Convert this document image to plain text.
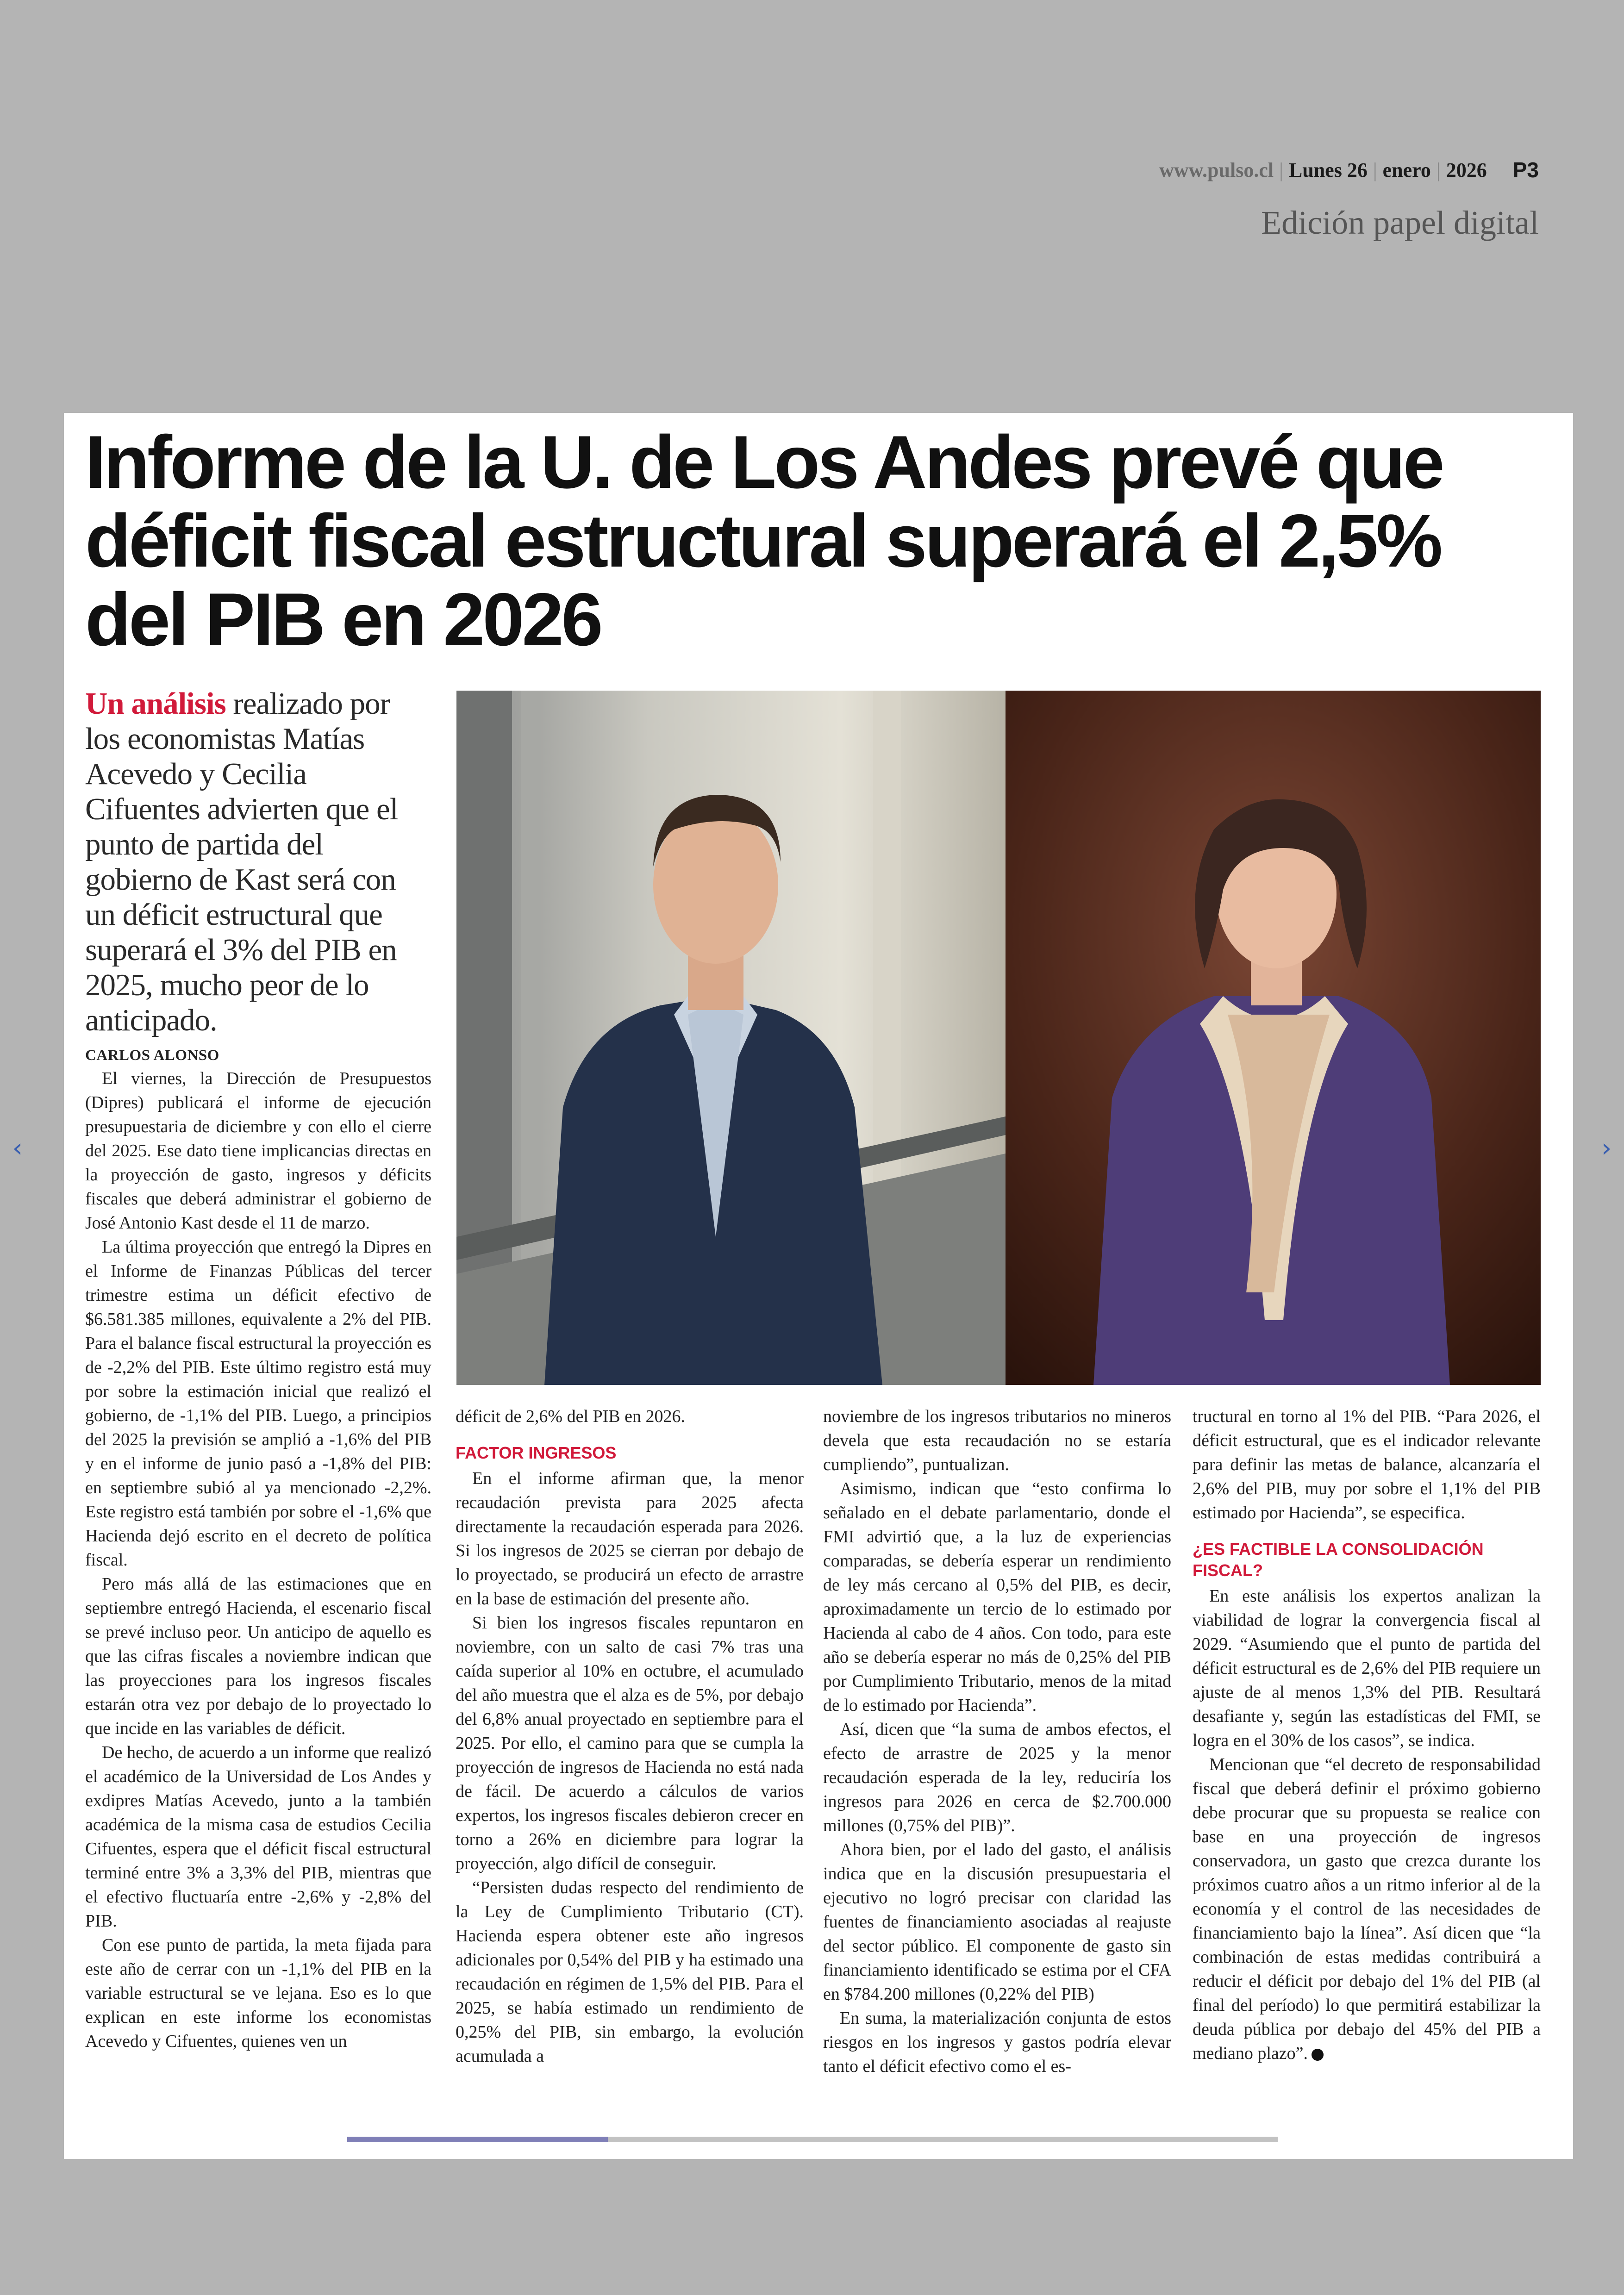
www.pulso.cl | Lunes 26 | enero | 2026 P3
Edición papel digital
‹	›
Informe de la U. de Los Andes prevé que déficit fiscal estructural superará el 2,5% del PIB en 2026
Un análisis realizado por los economistas Matías Acevedo y Cecilia Cifuentes advierten que el punto de partida del gobierno de Kast será con un déficit estructural que superará el 3% del PIB en 2025, mucho peor de lo anticipado.
CARLOS ALONSO

El viernes, la Dirección de Presupuestos (Dipres) publicará el informe de ejecución presupuestaria de diciembre y con ello el cierre del 2025. Ese dato tiene implicancias directas en la proyección de gasto, ingresos y déficits fiscales que deberá administrar el gobierno de José Antonio Kast desde el 11 de marzo.

La última proyección que entregó la Dipres en el Informe de Finanzas Públicas del tercer trimestre estima un déficit efectivo de $6.581.385 millones, equivalente a 2% del PIB. Para el balance fiscal estructural la proyección es de -2,2% del PIB. Este último registro está muy por sobre la estimación inicial que realizó el gobierno, de -1,1% del PIB. Luego, a principios del 2025 la previsión se amplió a -1,6% del PIB y en el informe de junio pasó a -1,8% del PIB: en septiembre subió al ya mencionado -2,2%. Este registro está también por sobre el -1,6% que Hacienda dejó escrito en el decreto de política fiscal.

Pero más allá de las estimaciones que en septiembre entregó Hacienda, el escenario fiscal se prevé incluso peor. Un anticipo de aquello es que las cifras fiscales a noviembre indican que las proyecciones para los ingresos fiscales estarán otra vez por debajo de lo proyectado lo que incide en las variables de déficit.

De hecho, de acuerdo a un informe que realizó el académico de la Universidad de Los Andes y exdipres Matías Acevedo, junto a la también académica de la misma casa de estudios Cecilia Cifuentes, espera que el déficit fiscal estructural terminé entre 3% a 3,3% del PIB, mientras que el efectivo fluctuaría entre -2,6% y -2,8% del PIB.

Con ese punto de partida, la meta fijada para este año de cerrar con un -1,1% del PIB en la variable estructural se ve lejana. Eso es lo que explican en este informe los economistas Acevedo y Cifuentes, quienes ven un

déficit de 2,6% del PIB en 2026.

FACTOR INGRESOS

En el informe afirman que, la menor recaudación prevista para 2025 afecta directamente la recaudación esperada para 2026. Si los ingresos de 2025 se cierran por debajo de lo proyectado, se producirá un efecto de arrastre en la base de estimación del presente año.

Si bien los ingresos fiscales repuntaron en noviembre, con un salto de casi 7% tras una caída superior al 10% en octubre, el acumulado del año muestra que el alza es de 5%, por debajo del 6,8% anual proyectado en septiembre para el 2025. Por ello, el camino para que se cumpla la proyección de ingresos de Hacienda no está nada de fácil. De acuerdo a cálculos de varios expertos, los ingresos fiscales debieron crecer en torno a 26% en diciembre para lograr la proyección, algo difícil de conseguir.

“Persisten dudas respecto del rendimiento de la Ley de Cumplimiento Tributario (CT). Hacienda espera obtener este año ingresos adicionales por 0,54% del PIB y ha estimado una recaudación en régimen de 1,5% del PIB. Para el 2025, se había estimado un rendimiento de 0,25% del PIB, sin embargo, la evolución acumulada a

noviembre de los ingresos tributarios no mineros devela que esta recaudación no se estaría cumpliendo”, puntualizan.

Asimismo, indican que “esto confirma lo señalado en el debate parlamentario, donde el FMI advirtió que, a la luz de experiencias comparadas, se debería esperar un rendimiento de ley más cercano al 0,5% del PIB, es decir, aproximadamente un tercio de lo estimado por Hacienda al cabo de 4 años. Con todo, para este año se debería esperar no más de 0,25% del PIB por Cumplimiento Tributario, menos de la mitad de lo estimado por Hacienda”.

Así, dicen que “la suma de ambos efectos, el efecto de arrastre de 2025 y la menor recaudación esperada de la ley, reduciría los ingresos para 2026 en cerca de $2.700.000 millones (0,75% del PIB)”.

Ahora bien, por el lado del gasto, el análisis indica que en la discusión presupuestaria el ejecutivo no logró precisar con claridad las fuentes de financiamiento asociadas al reajuste del sector público. El componente de gasto sin financiamiento identificado se estima por el CFA en $784.200 millones (0,22% del PIB)

En suma, la materialización conjunta de estos riesgos en los ingresos y gastos podría elevar tanto el déficit efectivo como el es-

tructural en torno al 1% del PIB. “Para 2026, el déficit estructural, que es el indicador relevante para definir las metas de balance, alcanzaría el 2,6% del PIB, muy por sobre el 1,1% del PIB estimado por Hacienda”, se especifica.

¿ES FACTIBLE LA CONSOLIDACIÓN FISCAL?

En este análisis los expertos analizan la viabilidad de lograr la convergencia fiscal al 2029. “Asumiendo que el punto de partida del déficit estructural es de 2,6% del PIB requiere un ajuste de al menos 1,3% del PIB. Resultará desafiante y, según las estadísticas del FMI, se logra en el 30% de los casos”, se indica.

Mencionan que “el decreto de responsabilidad fiscal que deberá definir el próximo gobierno debe procurar que su propuesta se realice con base en una proyección de ingresos conservadora, un gasto que crezca durante los próximos cuatro años a un ritmo inferior al de la economía y el control de las necesidades de financiamiento bajo la línea”. Así dicen que “la combinación de estas medidas contribuirá a reducir el déficit por debajo del 1% del PIB (al final del período) lo que permitirá estabilizar la deuda pública por debajo del 45% del PIB a mediano plazo”.
